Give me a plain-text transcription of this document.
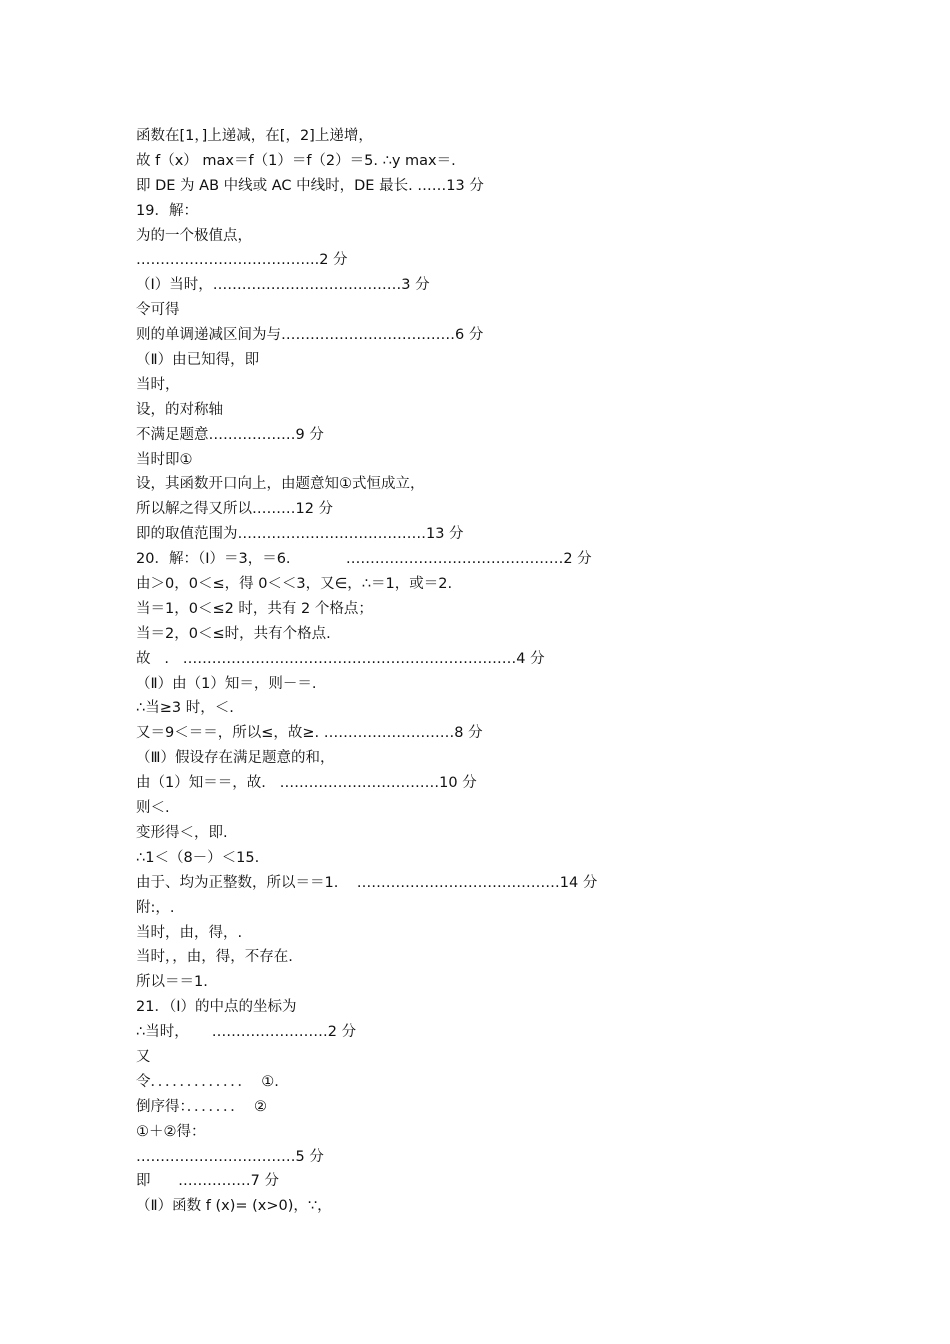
函数在[1，]上递减，在[，2]上递增，
故 f（x） max＝f（1）＝f（2）＝5. ∴y max＝.
即 DE 为 AB 中线或 AC 中线时，DE 最长. ……13 分
19．解：
为的一个极值点，
………………………………..2 分
（Ⅰ）当时，…………………………………3 分
令可得
则的单调递减区间为与………………………………6 分
（Ⅱ）由已知得，即
当时，
设，的对称轴
不满足题意………………9 分
当时即①
设，其函数开口向上，由题意知①式恒成立，
所以解之得又所以………12 分
即的取值范围为…………………………………13 分
20．解：（Ⅰ）＝3，＝6.            ………………………………………2 分
由＞0，0＜≤，得 0＜＜3，又∈，∴＝1，或＝2.
当＝1，0＜≤2 时，共有 2 个格点；
当＝2，0＜≤时，共有个格点.
故   .   ……………………………………………………………4 分
（Ⅱ）由（1）知＝，则－＝.
∴当≥3 时，＜.
又＝9＜＝＝，所以≤，故≥. ………………………8 分
（Ⅲ）假设存在满足题意的和，
由（1）知＝＝，故.   ……………………………10 分
则＜.
变形得＜，即.
∴1＜（8－）＜15.
由于、均为正整数，所以＝＝1.    ……………………………………14 分
附:，.
当时，由，得，.
当时，，由，得，不存在.
所以＝＝1.
21．（Ⅰ）的中点的坐标为
∴当时，     ……………………2 分
又
令．．．．．．．．．．．．．  ①.
倒序得：．．．．．．．  ②
①＋②得：
……………………………5 分
即      ……………7 分
（Ⅱ）函数 f (x)= (x>0)，∵，
